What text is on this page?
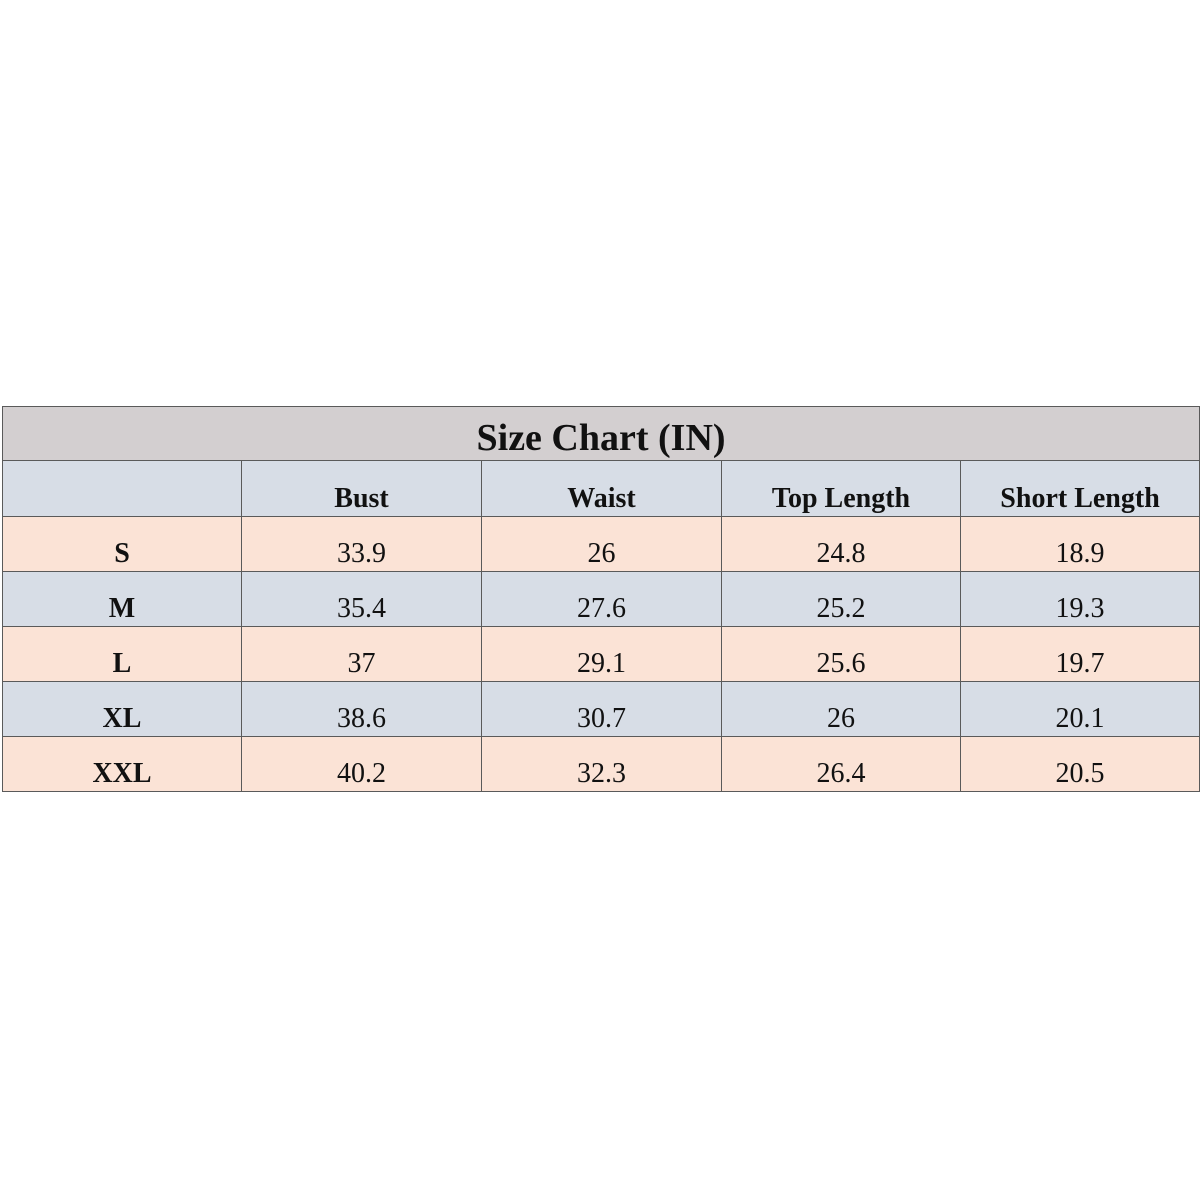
Size Chart (IN)				
	Bust	Waist	Top Length	Short Length
S	33.9	26	24.8	18.9
M	35.4	27.6	25.2	19.3
L	37	29.1	25.6	19.7
XL	38.6	30.7	26	20.1
XXL	40.2	32.3	26.4	20.5
